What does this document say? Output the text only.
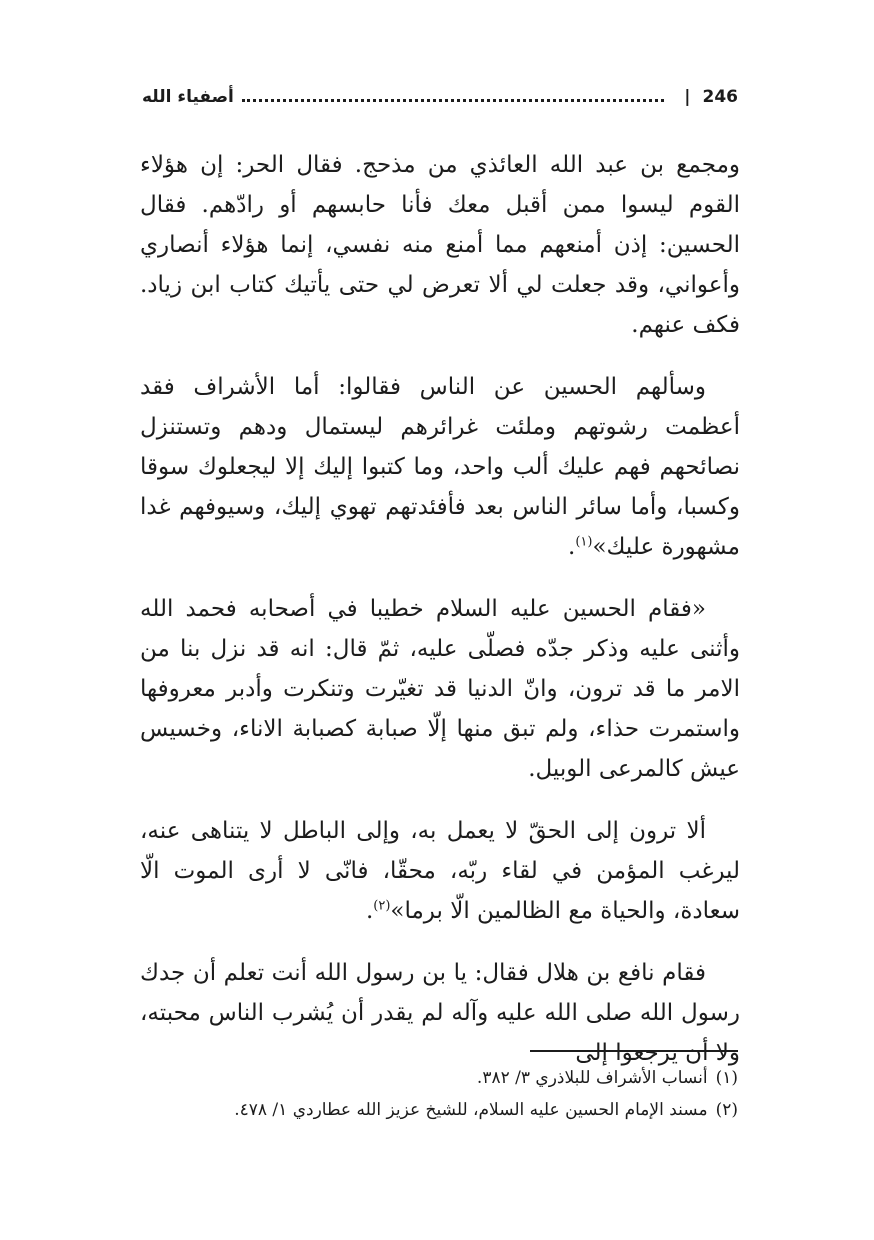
246
|
أصفياء الله

ومجمع بن عبد الله العائذي من مذحج. فقال الحر: إن هؤلاء القوم ليسوا ممن أقبل معك فأنا حابسهم أو رادّهم. فقال الحسين: إذن أمنعهم مما أمنع منه نفسي، إنما هؤلاء أنصاري وأعواني، وقد جعلت لي ألا تعرض لي حتى يأتيك كتاب ابن زياد. فكف عنهم.

وسألهم الحسين عن الناس فقالوا: أما الأشراف فقد أعظمت رشوتهم وملئت غرائرهم ليستمال ودهم وتستنزل نصائحهم فهم عليك ألب واحد، وما كتبوا إليك إلا ليجعلوك سوقا وكسبا، وأما سائر الناس بعد فأفئدتهم تهوي إليك، وسيوفهم غدا مشهورة عليك»$^{(١)}$.

«فقام الحسين عليه السلام خطيبا في أصحابه فحمد الله وأثنى عليه وذكر جدّه فصلّى عليه، ثمّ قال: انه قد نزل بنا من الامر ما قد ترون، وانّ الدنيا قد تغيّرت وتنكرت وأدبر معروفها واستمرت حذاء، ولم تبق منها إلّا صبابة كصبابة الاناء، وخسيس عيش كالمرعى الوبيل.

ألا ترون إلى الحقّ لا يعمل به، وإلى الباطل لا يتناهى عنه، ليرغب المؤمن في لقاء ربّه، محقّا، فانّى لا أرى الموت الّا سعادة، والحياة مع الظالمين الّا برما»$^{(٢)}$.

فقام نافع بن هلال فقال: يا بن رسول الله أنت تعلم أن جدك رسول الله صلى الله عليه وآله لم يقدر أن يُشرب الناس محبته، ولا أن يرجعوا إلى

(١)أنساب الأشراف للبلاذري ٣/ ٣٨٢.

(٢)مسند الإمام الحسين عليه السلام، للشيخ عزيز الله عطاردي ١/ ٤٧٨.
